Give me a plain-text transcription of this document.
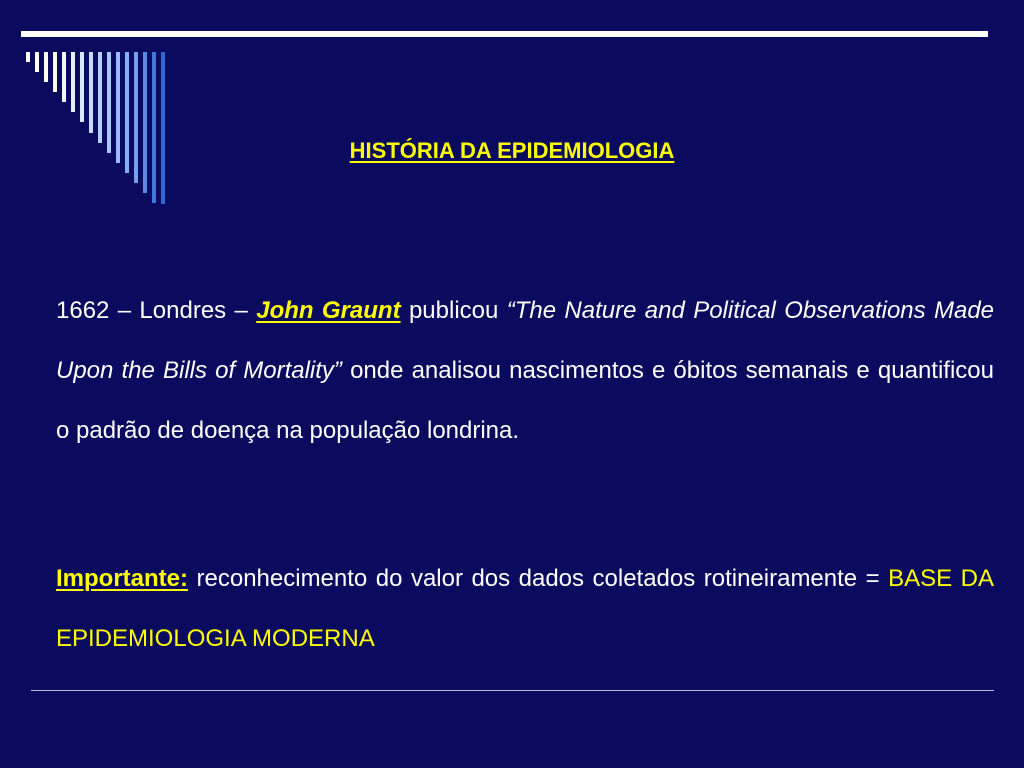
HISTÓRIA DA EPIDEMIOLOGIA

1662 – Londres – John Graunt publicou “The Nature and Political Observations Made Upon the Bills of Mortality” onde analisou nascimentos e óbitos semanais e quantificou o padrão de doença na população londrina.

Importante: reconhecimento do valor dos dados coletados rotineiramente = BASE DA EPIDEMIOLOGIA MODERNA
